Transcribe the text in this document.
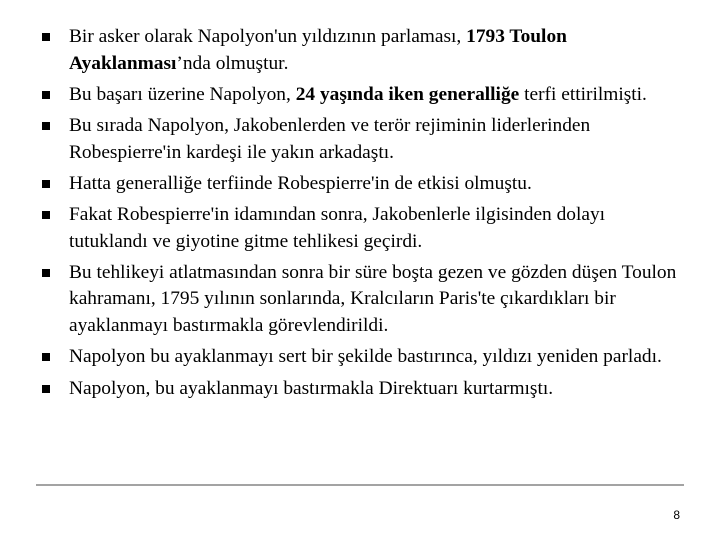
Bir asker olarak Napolyon'un yıldızının parlaması, 1793 Toulon Ayaklanması’nda olmuştur.
Bu başarı üzerine Napolyon, 24 yaşında iken generalliğe terfi ettirilmişti.
Bu sırada Napolyon, Jakobenlerden ve terör rejiminin liderlerinden Robespierre'in kardeşi ile yakın arkadaştı.
Hatta generalliğe terfiinde Robespierre'in de etkisi olmuştu.
Fakat Robespierre'in idamından sonra, Jakobenlerle ilgisinden dolayı tutuklandı ve giyotine gitme tehlikesi geçirdi.
Bu tehlikeyi atlatmasından sonra bir süre boşta gezen ve gözden düşen Toulon kahramanı, 1795 yılının sonlarında, Kralcıların Paris'te çıkardıkları bir ayaklanmayı bastırmakla görevlendirildi.
Napolyon bu ayaklanmayı sert bir şekilde bastırınca, yıldızı yeniden parladı.
Napolyon, bu ayaklanmayı bastırmakla Direktuarı kurtarmıştı.
8
